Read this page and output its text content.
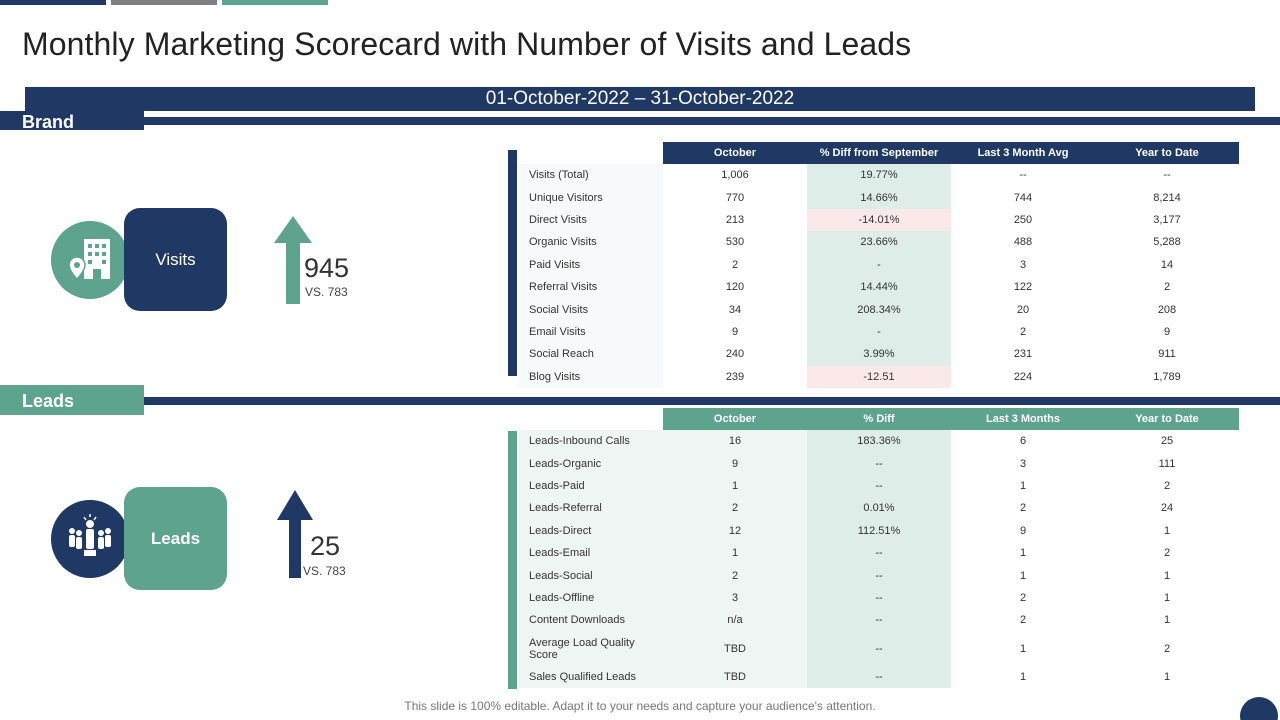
Monthly Marketing Scorecard with Number of Visits and Leads
01-October-2022 – 31-October-2022
Brand
Visits	945
VS. 783
	October	% Diff from September	Last 3 Month Avg	Year to Date
Visits (Total)	1,006	19.77%	--	--
Unique Visitors	770	14.66%	744	8,214
Direct Visits	213	-14.01%	250	3,177
Organic Visits	530	23.66%	488	5,288
Paid Visits	2	-	3	14
Referral Visits	120	14.44%	122	2
Social Visits	34	208.34%	20	208
Email Visits	9	-	2	9
Social Reach	240	3.99%	231	911
Blog Visits	239	-12.51	224	1,789
Leads
Leads	25
VS. 783
	October	% Diff	Last 3 Months	Year to Date
Leads-Inbound Calls	16	183.36%	6	25
Leads-Organic	9	--	3	111
Leads-Paid	1	--	1	2
Leads-Referral	2	0.01%	2	24
Leads-Direct	12	112.51%	9	1
Leads-Email	1	--	1	2
Leads-Social	2	--	1	1
Leads-Offline	3	--	2	1
Content Downloads	n/a	--	2	1
Average Load Quality Score	TBD	--	1	2
Sales Qualified Leads	TBD	--	1	1
This slide is 100% editable. Adapt it to your needs and capture your audience's attention.
